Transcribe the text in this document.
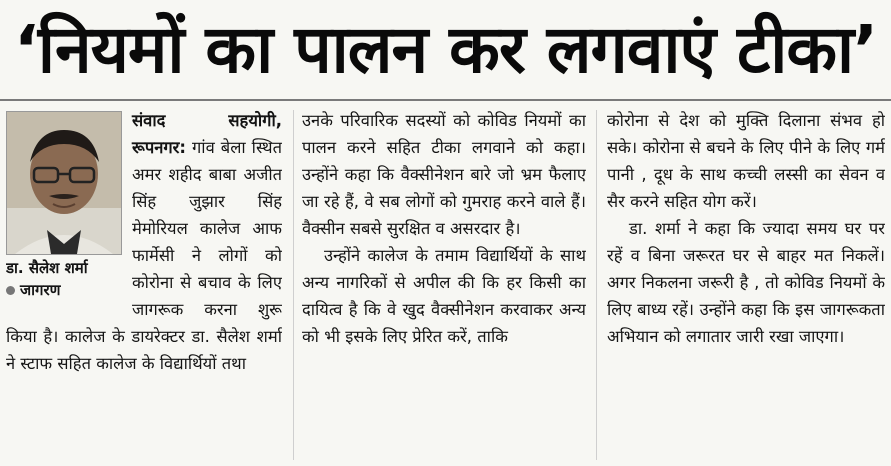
‘नियमों का पालन कर लगवाएं टीका’
डा. सैलेश शर्मा
जागरण

संवाद सहयोगी, रूपनगर: गांव बेला स्थित अमर शहीद बाबा अजीत सिंह जुझार सिंह मेमोरियल कालेज आफ फार्मेसी ने लोगों को कोरोना से बचाव के लिए जागरूक करना शुरू किया है। कालेज के डायरेक्टर डा. सैलेश शर्मा ने स्टाफ सहित कालेज के विद्यार्थियों तथा

उनके परिवारिक सदस्यों को कोविड नियमों का पालन करने सहित टीका लगवाने को कहा। उन्होंने कहा कि वैक्सीनेशन बारे जो भ्रम फैलाए जा रहे हैं, वे सब लोगों को गुमराह करने वाले हैं। वैक्सीन सबसे सुरक्षित व असरदार है।

उन्होंने कालेज के तमाम विद्यार्थियों के साथ अन्य नागरिकों से अपील की कि हर किसी का दायित्व है कि वे खुद वैक्सीनेशन करवाकर अन्य को भी इसके लिए प्रेरित करें, ताकि

कोरोना से देश को मुक्ति दिलाना संभव हो सके। कोरोना से बचने के लिए पीने के लिए गर्म पानी , दूध के साथ कच्ची लस्सी का सेवन व सैर करने सहित योग करें।

डा. शर्मा ने कहा कि ज्यादा समय घर पर रहें व बिना जरूरत घर से बाहर मत निकलें। अगर निकलना जरूरी है , तो कोविड नियमों के लिए बाध्य रहें। उन्होंने कहा कि इस जागरूकता अभियान को लगातार जारी रखा जाएगा।
